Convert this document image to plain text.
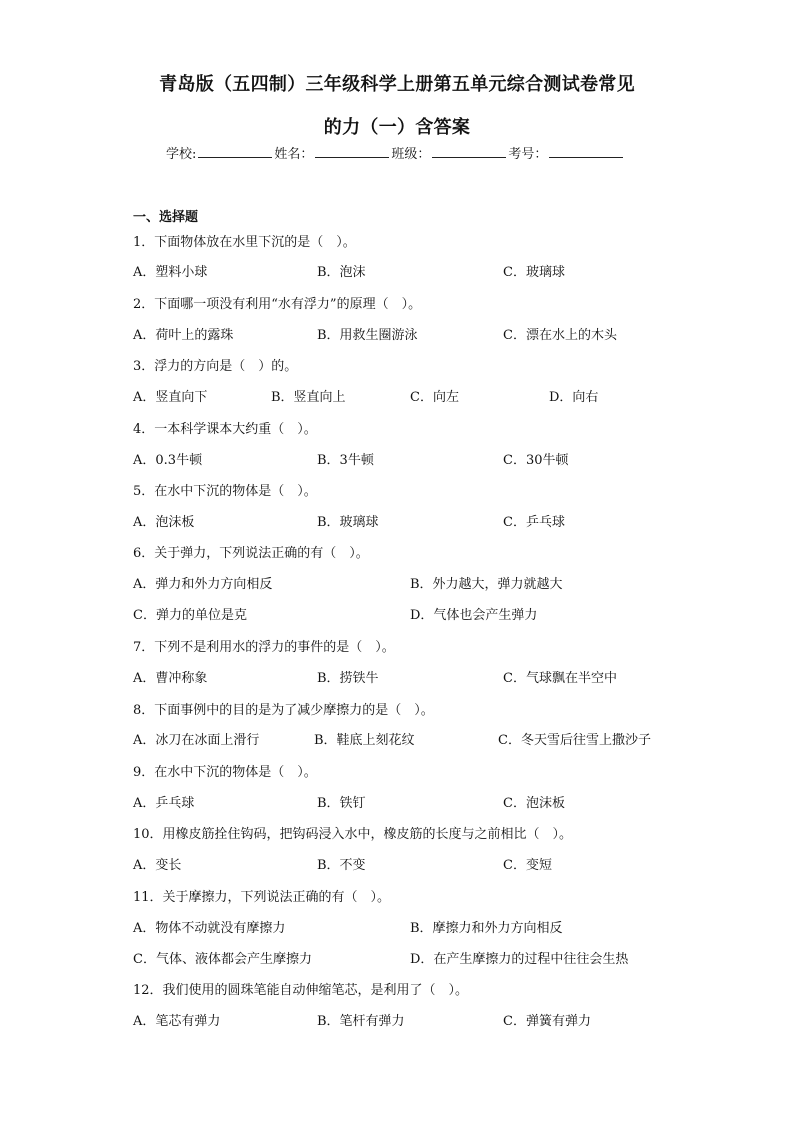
青岛版（五四制）三年级科学上册第五单元综合测试卷常见
的力（一）含答案
学校:	姓名：	班级：	考号：
一、选择题
1．下面物体放在水里下沉的是（　）。
A．塑料小球	B．泡沫	C．玻璃球
2．下面哪一项没有利用“水有浮力”的原理（　）。
A．荷叶上的露珠	B．用救生圈游泳	C．漂在水上的木头
3．浮力的方向是（　）的。
A．竖直向下	B．竖直向上	C．向左	D．向右
4．一本科学课本大约重（　）。
A．0.3牛顿	B．3牛顿	C．30牛顿
5．在水中下沉的物体是（　）。
A．泡沫板	B．玻璃球	C．乒乓球
6．关于弹力，下列说法正确的有（　）。
A．弹力和外力方向相反	B．外力越大，弹力就越大
C．弹力的单位是克	D．气体也会产生弹力
7．下列不是利用水的浮力的事件的是（　）。
A．曹冲称象	B．捞铁牛	C．气球飘在半空中
8．下面事例中的目的是为了减少摩擦力的是（　）。
A．冰刀在冰面上滑行	B．鞋底上刻花纹	C．冬天雪后往雪上撒沙子
9．在水中下沉的物体是（　）。
A．乒乓球	B．铁钉	C．泡沫板
10．用橡皮筋拴住钩码，把钩码浸入水中，橡皮筋的长度与之前相比（　）。
A．变长	B．不变	C．变短
11．关于摩擦力，下列说法正确的有（　）。
A．物体不动就没有摩擦力	B．摩擦力和外力方向相反
C．气体、液体都会产生摩擦力	D．在产生摩擦力的过程中往往会生热
12．我们使用的圆珠笔能自动伸缩笔芯，是利用了（　）。
A．笔芯有弹力	B．笔杆有弹力	C．弹簧有弹力
